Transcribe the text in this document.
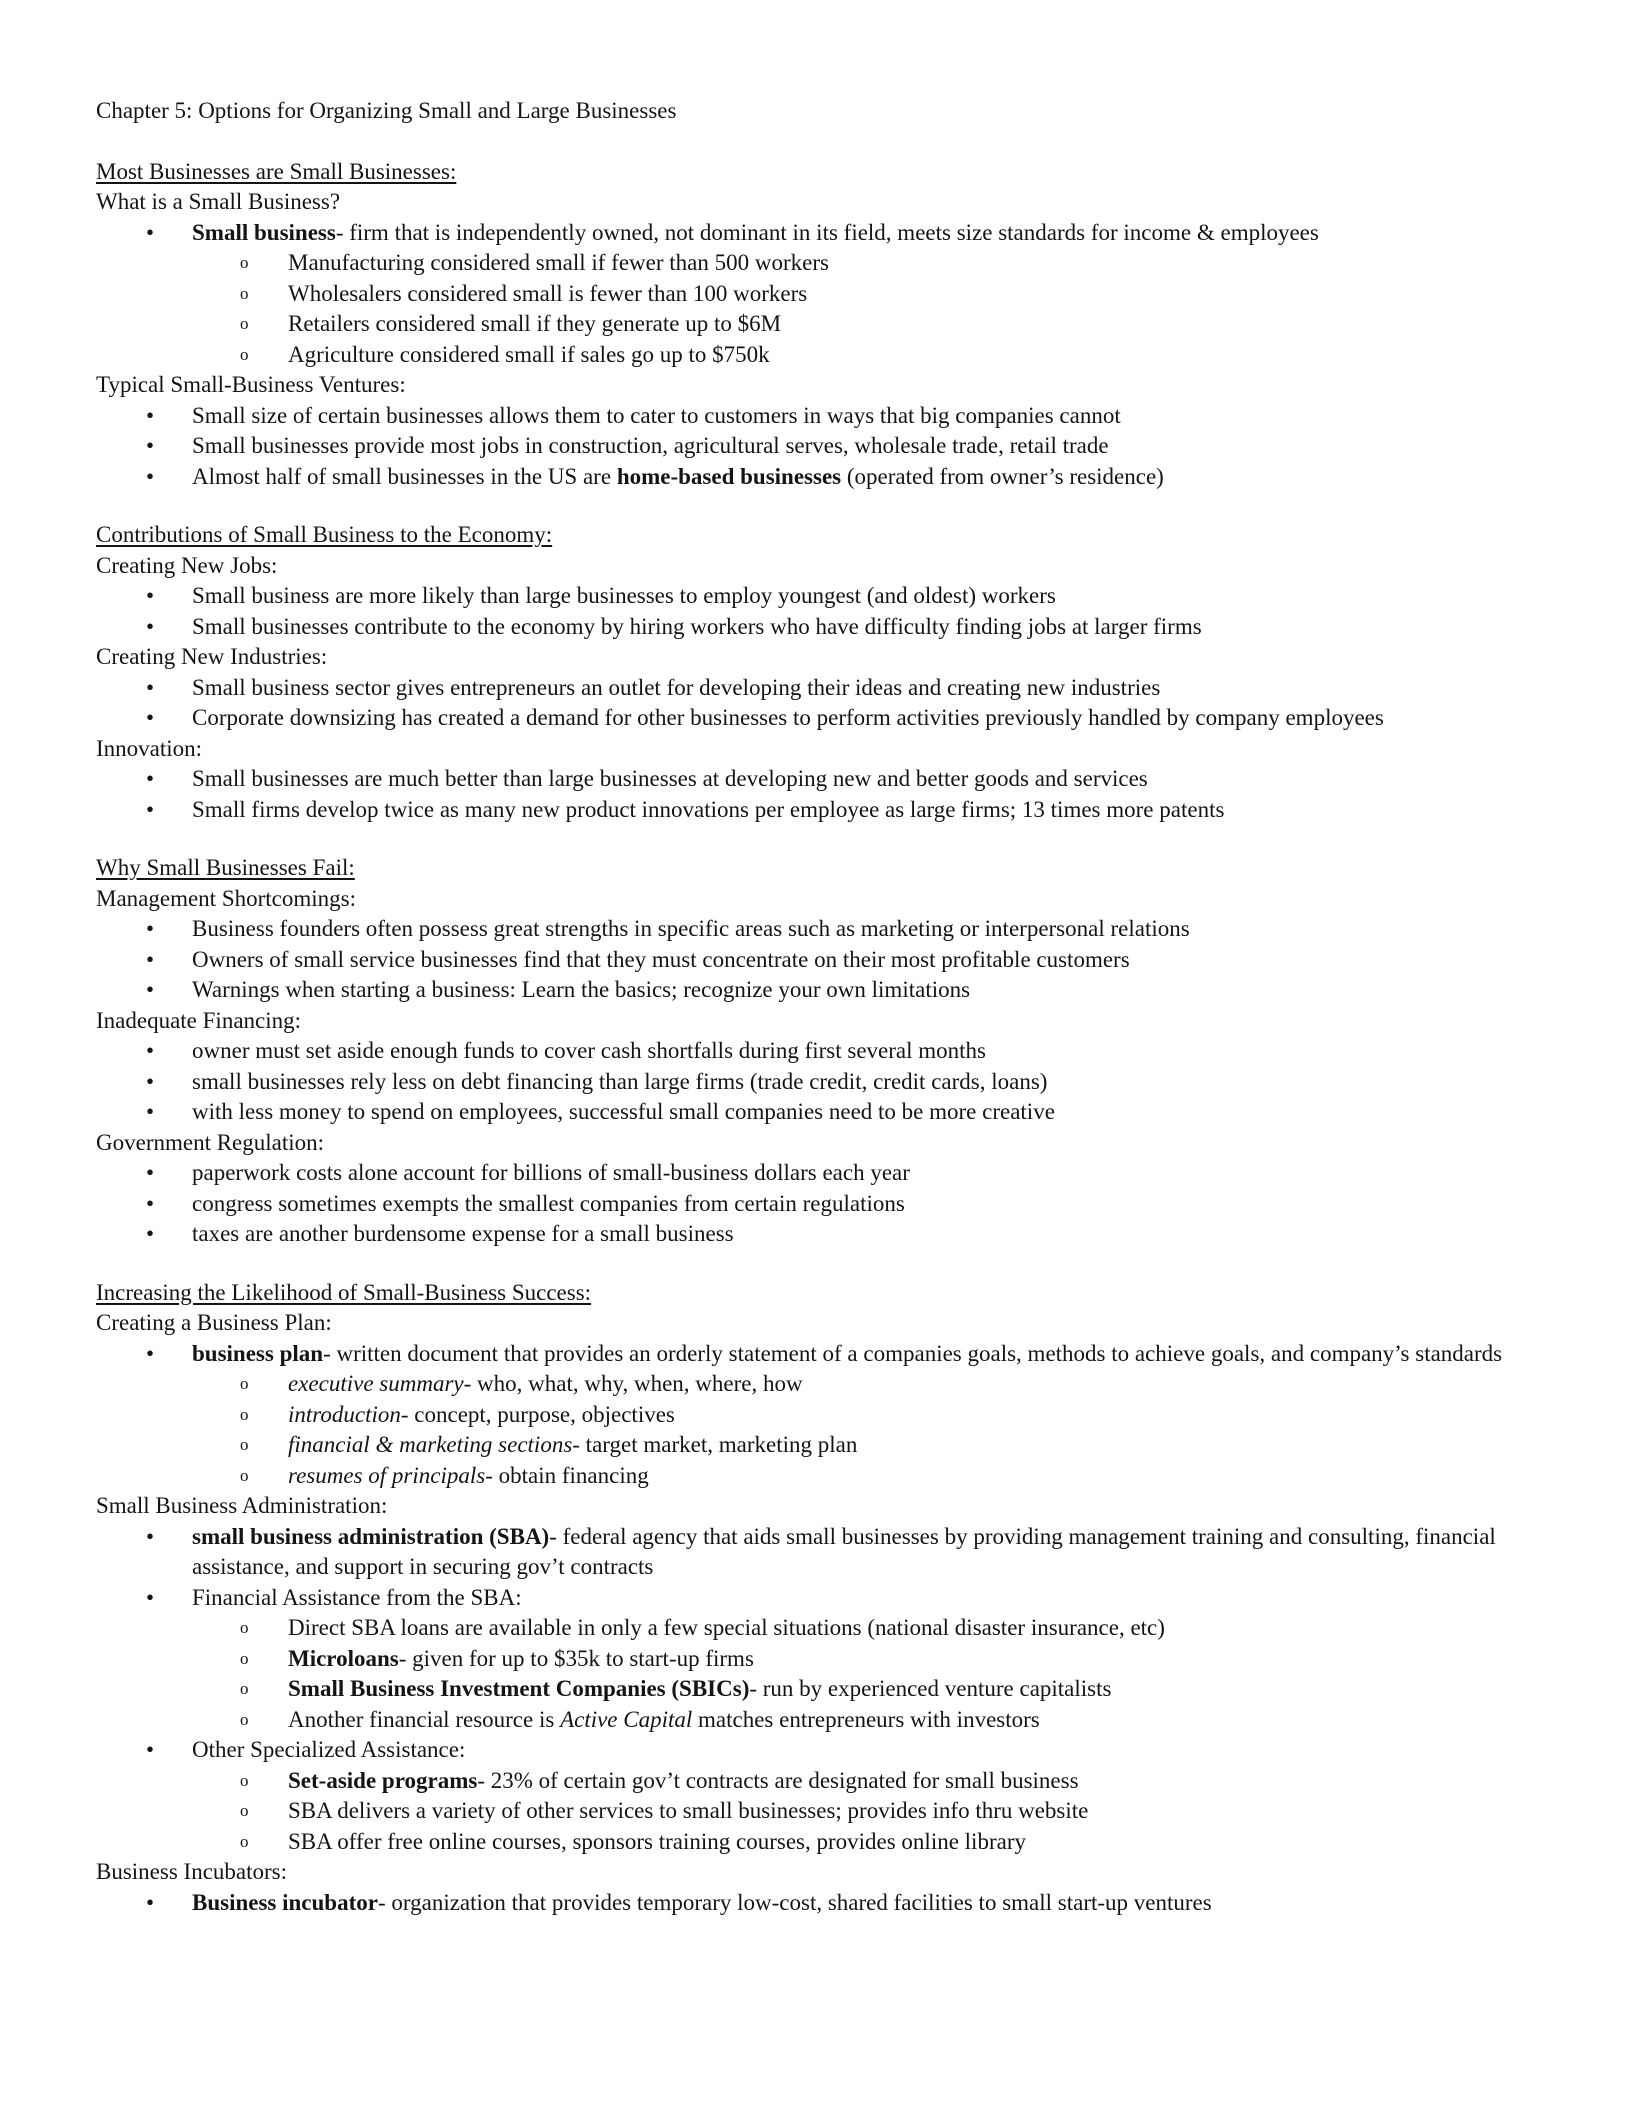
Chapter 5: Options for Organizing Small and Large Businesses
Most Businesses are Small Businesses:
What is a Small Business?
• Small business- firm that is independently owned, not dominant in its field, meets size standards for income & employees
o Manufacturing considered small if fewer than 500 workers
o Wholesalers considered small is fewer than 100 workers
o Retailers considered small if they generate up to $6M
o Agriculture considered small if sales go up to $750k
Typical Small-Business Ventures:
• Small size of certain businesses allows them to cater to customers in ways that big companies cannot
• Small businesses provide most jobs in construction, agricultural serves, wholesale trade, retail trade
• Almost half of small businesses in the US are home-based businesses (operated from owner’s residence)
Contributions of Small Business to the Economy:
Creating New Jobs:
• Small business are more likely than large businesses to employ youngest (and oldest) workers
• Small businesses contribute to the economy by hiring workers who have difficulty finding jobs at larger firms
Creating New Industries:
• Small business sector gives entrepreneurs an outlet for developing their ideas and creating new industries
• Corporate downsizing has created a demand for other businesses to perform activities previously handled by company employees
Innovation:
• Small businesses are much better than large businesses at developing new and better goods and services
• Small firms develop twice as many new product innovations per employee as large firms; 13 times more patents
Why Small Businesses Fail:
Management Shortcomings:
• Business founders often possess great strengths in specific areas such as marketing or interpersonal relations
• Owners of small service businesses find that they must concentrate on their most profitable customers
• Warnings when starting a business: Learn the basics; recognize your own limitations
Inadequate Financing:
• owner must set aside enough funds to cover cash shortfalls during first several months
• small businesses rely less on debt financing than large firms (trade credit, credit cards, loans)
• with less money to spend on employees, successful small companies need to be more creative
Government Regulation:
• paperwork costs alone account for billions of small-business dollars each year
• congress sometimes exempts the smallest companies from certain regulations
• taxes are another burdensome expense for a small business
Increasing the Likelihood of Small-Business Success:
Creating a Business Plan:
• business plan- written document that provides an orderly statement of a companies goals, methods to achieve goals, and company’s standards
o executive summary- who, what, why, when, where, how
o introduction- concept, purpose, objectives
o financial & marketing sections- target market, marketing plan
o resumes of principals- obtain financing
Small Business Administration:
• small business administration (SBA)- federal agency that aids small businesses by providing management training and consulting, financial assistance, and support in securing gov’t contracts
• Financial Assistance from the SBA:
o Direct SBA loans are available in only a few special situations (national disaster insurance, etc)
o Microloans- given for up to $35k to start-up firms
o Small Business Investment Companies (SBICs)- run by experienced venture capitalists
o Another financial resource is Active Capital matches entrepreneurs with investors
• Other Specialized Assistance:
o Set-aside programs- 23% of certain gov’t contracts are designated for small business
o SBA delivers a variety of other services to small businesses; provides info thru website
o SBA offer free online courses, sponsors training courses, provides online library
Business Incubators:
• Business incubator- organization that provides temporary low-cost, shared facilities to small start-up ventures
